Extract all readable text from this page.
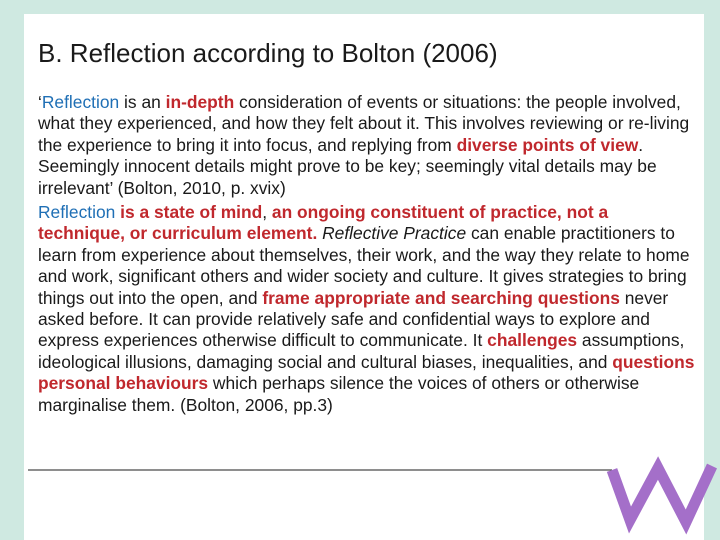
B. Reflection according to Bolton (2006)

‘Reflection is an in-depth consideration of events or situations: the people involved, what they experienced, and how they felt about it. This involves reviewing or re-living the experience to bring it into focus, and replying from diverse points of view. Seemingly innocent details might prove to be key; seemingly vital details may be irrelevant’ (Bolton, 2010, p. xvix)

Reflection is a state of mind, an ongoing constituent of practice, not a technique, or curriculum element. Reflective Practice can enable practitioners to learn from experience about themselves, their work, and the way they relate to home and work, significant others and wider society and culture. It gives strategies to bring things out into the open, and frame appropriate and searching questions never asked before. It can provide relatively safe and confidential ways to explore and express experiences otherwise difficult to communicate. It challenges assumptions, ideological illusions, damaging social and cultural biases, inequalities, and questions personal behaviours which perhaps silence the voices of others or otherwise marginalise them. (Bolton, 2006, pp.3)
